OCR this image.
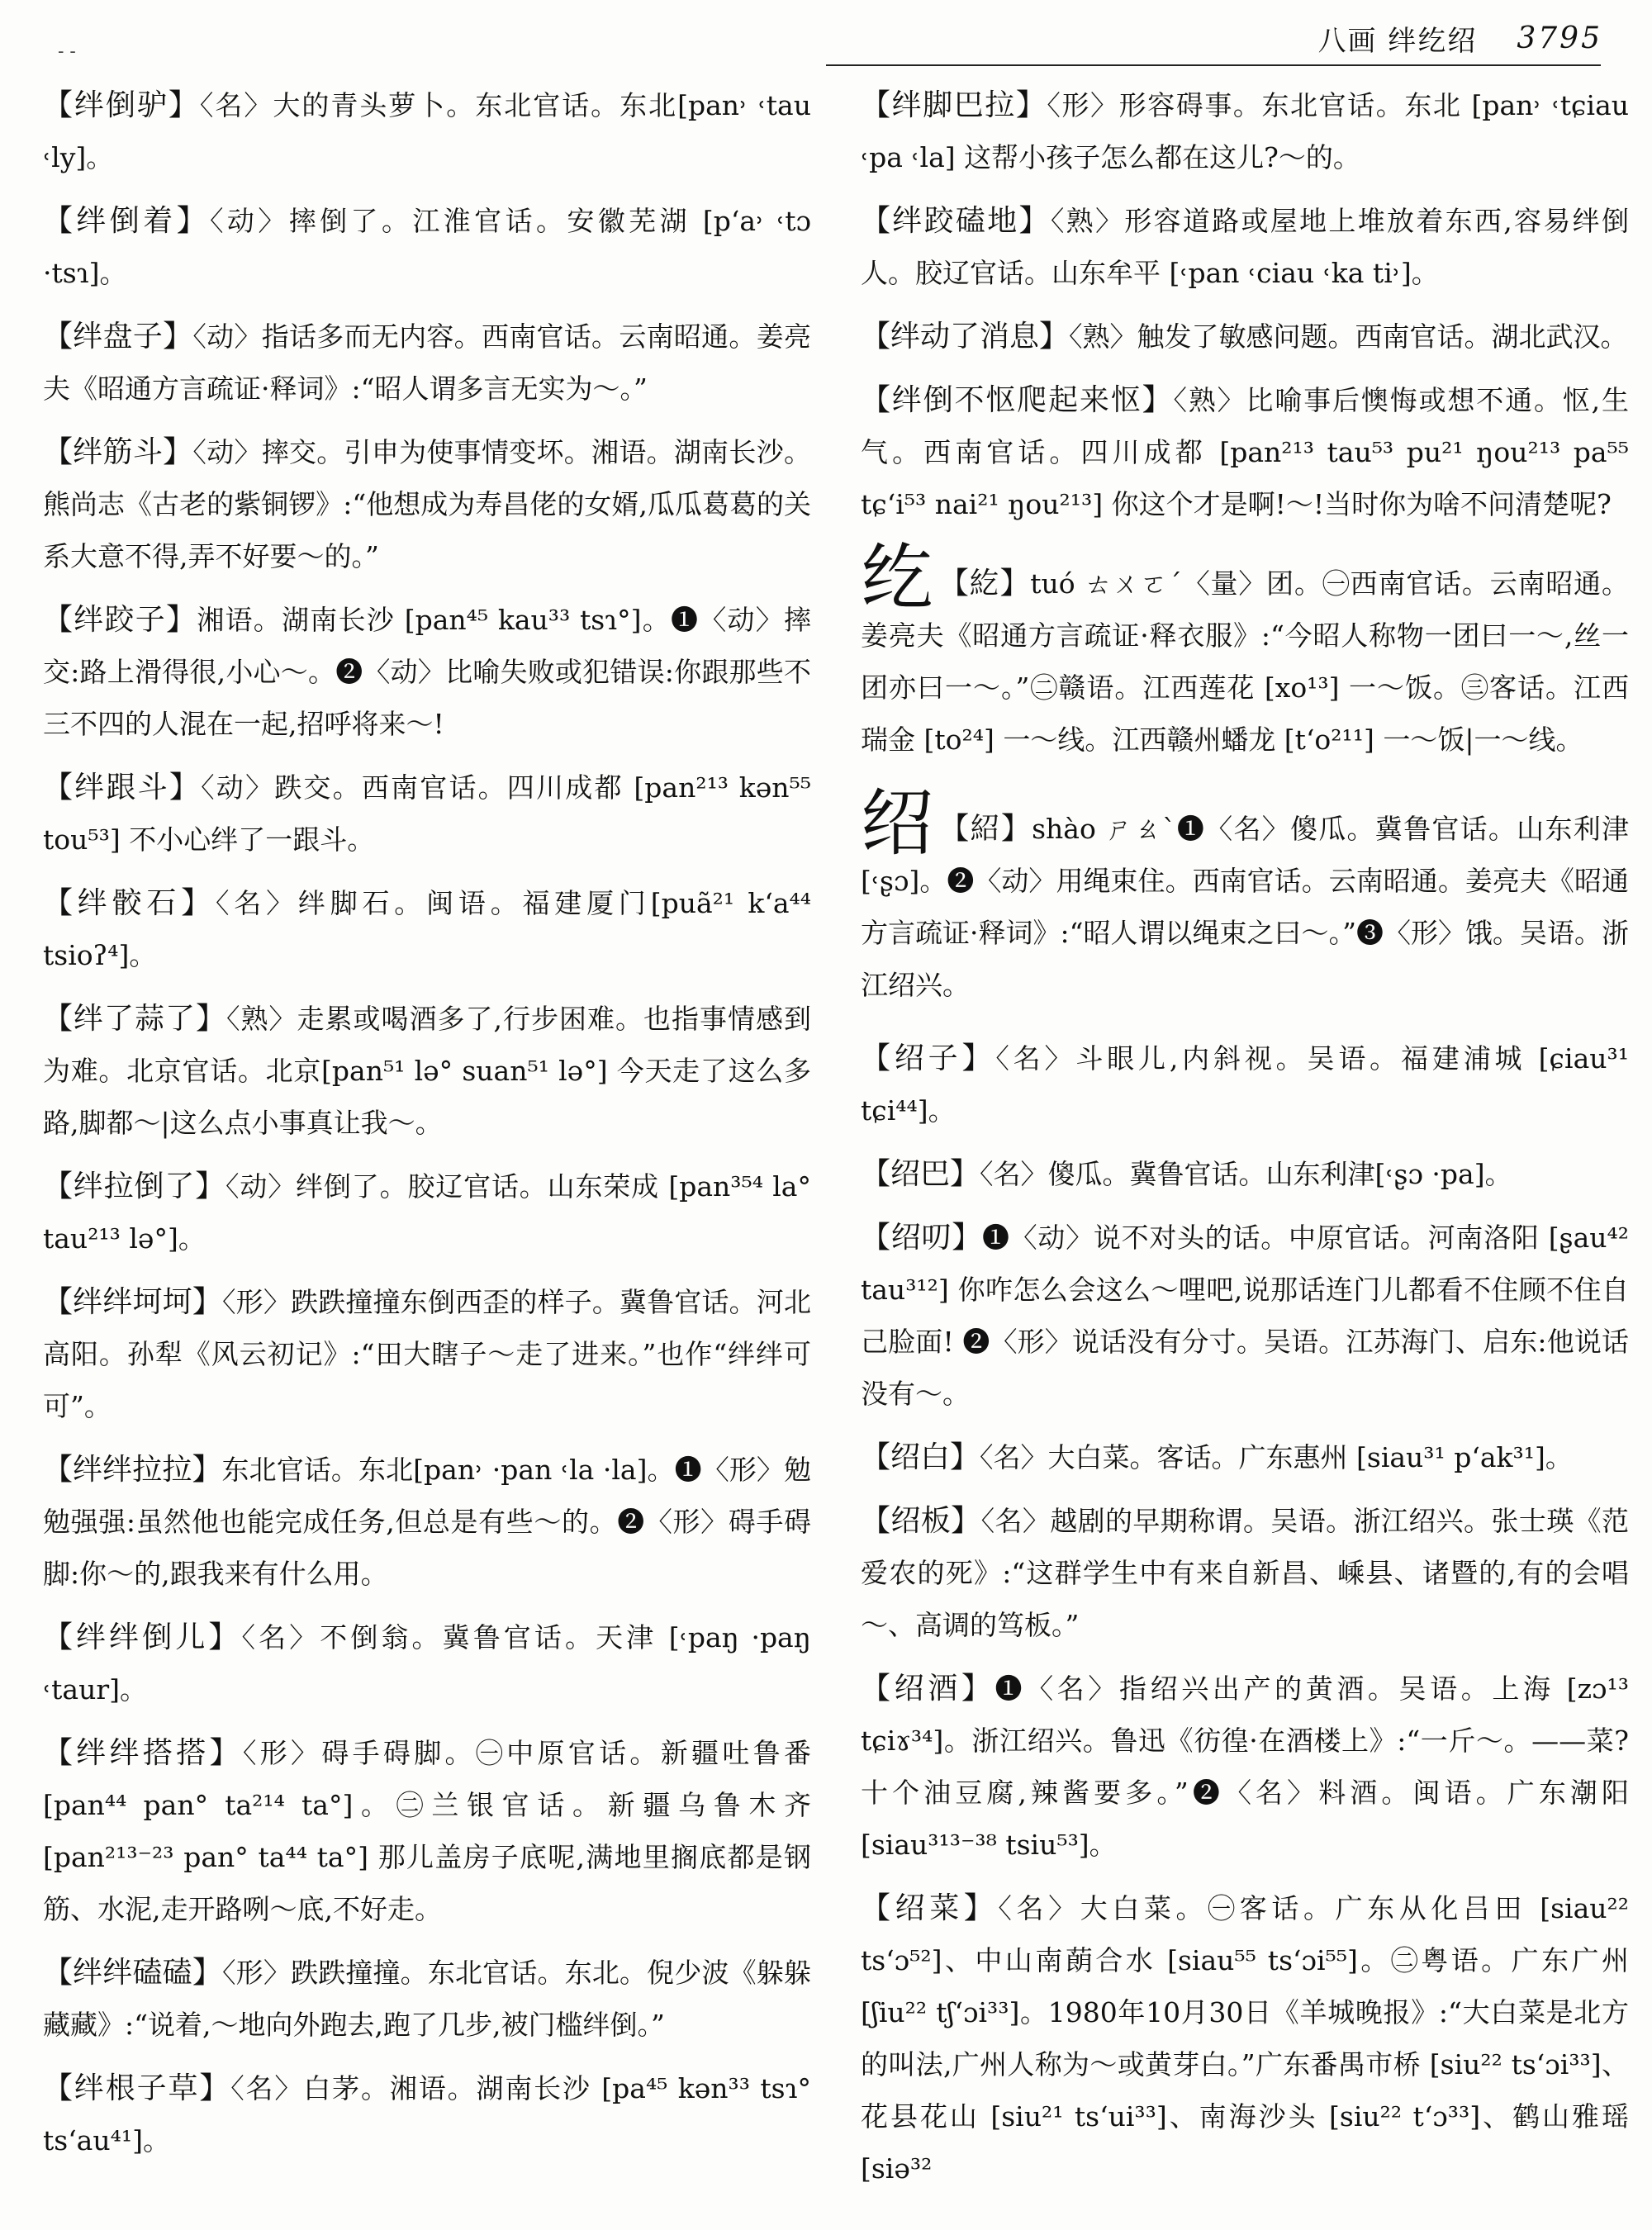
八画 绊纥绍 3795
- -

【绊倒驴】〈名〉大的青头萝卜。东北官话。东北[pan˒ ˓tau ˓ly]。

【绊倒着】〈动〉摔倒了。江淮官话。安徽芜湖 [p‘a˒ ˓tɔ ·tsɿ]。

【绊盘子】〈动〉指话多而无内容。西南官话。云南昭通。姜亮夫《昭通方言疏证·释词》:“昭人谓多言无实为～。”

【绊筋斗】〈动〉摔交。引申为使事情变坏。湘语。湖南长沙。熊尚志《古老的紫铜锣》:“他想成为寿昌佬的女婿,瓜瓜葛葛的关系大意不得,弄不好要～的。”

【绊跤子】湘语。湖南长沙 [pan⁴⁵ kau³³ tsɿ°]。❶〈动〉摔交:路上滑得很,小心～。❷〈动〉比喻失败或犯错误:你跟那些不三不四的人混在一起,招呼将来～!

【绊跟斗】〈动〉跌交。西南官话。四川成都 [pan²¹³ kən⁵⁵ tou⁵³] 不小心绊了一跟斗。

【绊骹石】〈名〉绊脚石。闽语。福建厦门[puã²¹ k‘a⁴⁴ tsioʔ⁴]。

【绊了蒜了】〈熟〉走累或喝酒多了,行步困难。也指事情感到为难。北京官话。北京[pan⁵¹ lə° suan⁵¹ lə°] 今天走了这么多路,脚都～|这么点小事真让我～。

【绊拉倒了】〈动〉绊倒了。胶辽官话。山东荣成 [pan³⁵⁴ la° tau²¹³ lə°]。

【绊绊坷坷】〈形〉跌跌撞撞东倒西歪的样子。冀鲁官话。河北高阳。孙犁《风云初记》:“田大瞎子～走了进来。”也作“绊绊可可”。

【绊绊拉拉】东北官话。东北[pan˒ ·pan ˓la ·la]。❶〈形〉勉勉强强:虽然他也能完成任务,但总是有些～的。❷〈形〉碍手碍脚:你～的,跟我来有什么用。

【绊绊倒儿】〈名〉不倒翁。冀鲁官话。天津 [˓paŋ ·paŋ ˓taur]。

【绊绊搭搭】〈形〉碍手碍脚。㊀中原官话。新疆吐鲁番 [pan⁴⁴ pan° ta²¹⁴ ta°]。㊁兰银官话。新疆乌鲁木齐 [pan²¹³⁻²³ pan° ta⁴⁴ ta°] 那儿盖房子底呢,满地里搁底都是钢筋、水泥,走开路咧～底,不好走。

【绊绊磕磕】〈形〉跌跌撞撞。东北官话。东北。倪少波《躲躲藏藏》:“说着,～地向外跑去,跑了几步,被门槛绊倒。”

【绊根子草】〈名〉白茅。湘语。湖南长沙 [pa⁴⁵ kən³³ tsɿ° ts‘au⁴¹]。

【绊脚巴拉】〈形〉形容碍事。东北官话。东北 [pan˒ ˓tɕiau ˓pa ˓la] 这帮小孩子怎么都在这儿?～的。

【绊跤磕地】〈熟〉形容道路或屋地上堆放着东西,容易绊倒人。胶辽官话。山东牟平 [˓pan ˓ciau ˓ka ti˒]。

【绊动了消息】〈熟〉触发了敏感问题。西南官话。湖北武汉。

【绊倒不怄爬起来怄】〈熟〉比喻事后懊悔或想不通。怄,生气。西南官话。四川成都 [pan²¹³ tau⁵³ pu²¹ ŋou²¹³ pa⁵⁵ tɕ‘i⁵³ nai²¹ ŋou²¹³] 你这个才是啊!～!当时你为啥不问清楚呢?

纥 【紇】tuó ㄊㄨㄛˊ〈量〉团。㊀西南官话。云南昭通。姜亮夫《昭通方言疏证·释衣服》:“今昭人称物一团曰一～,丝一团亦曰一～。”㊁赣语。江西莲花 [xo¹³] 一～饭。㊂客话。江西瑞金 [to²⁴] 一～线。江西赣州蟠龙 [t‘o²¹¹] 一～饭|一～线。

绍 【紹】shào ㄕㄠˋ❶〈名〉傻瓜。冀鲁官话。山东利津 [˓ʂɔ]。❷〈动〉用绳束住。西南官话。云南昭通。姜亮夫《昭通方言疏证·释词》:“昭人谓以绳束之曰～。”❸〈形〉饿。吴语。浙江绍兴。

【绍子】〈名〉斗眼儿,内斜视。吴语。福建浦城 [ɕiau³¹ tɕi⁴⁴]。

【绍巴】〈名〉傻瓜。冀鲁官话。山东利津[˓ʂɔ ·pa]。

【绍叨】❶〈动〉说不对头的话。中原官话。河南洛阳 [ʂau⁴² tau³¹²] 你咋怎么会这么～哩吧,说那话连门儿都看不住顾不住自己脸面! ❷〈形〉说话没有分寸。吴语。江苏海门、启东:他说话没有～。

【绍白】〈名〉大白菜。客话。广东惠州 [siau³¹ p‘ak³¹]。

【绍板】〈名〉越剧的早期称谓。吴语。浙江绍兴。张士瑛《范爱农的死》:“这群学生中有来自新昌、嵊县、诸暨的,有的会唱～、高调的笃板。”

【绍酒】❶〈名〉指绍兴出产的黄酒。吴语。上海 [zɔ¹³ tɕiɤ³⁴]。浙江绍兴。鲁迅《彷徨·在酒楼上》:“一斤～。——菜?十个油豆腐,辣酱要多。”❷〈名〉料酒。闽语。广东潮阳 [siau³¹³⁻³⁸ tsiu⁵³]。

【绍菜】〈名〉大白菜。㊀客话。广东从化吕田 [siau²² ts‘ɔ⁵²]、中山南蓢合水 [siau⁵⁵ ts‘ɔi⁵⁵]。㊁粤语。广东广州 [ʃiu²² tʃ‘ɔi³³]。1980年10月30日《羊城晚报》:“大白菜是北方的叫法,广州人称为～或黄芽白。”广东番禺市桥 [siu²² ts‘ɔi³³]、花县花山 [siu²¹ ts‘ui³³]、南海沙头 [siu²² t‘ɔ³³]、鹤山雅瑶 [siə³²
